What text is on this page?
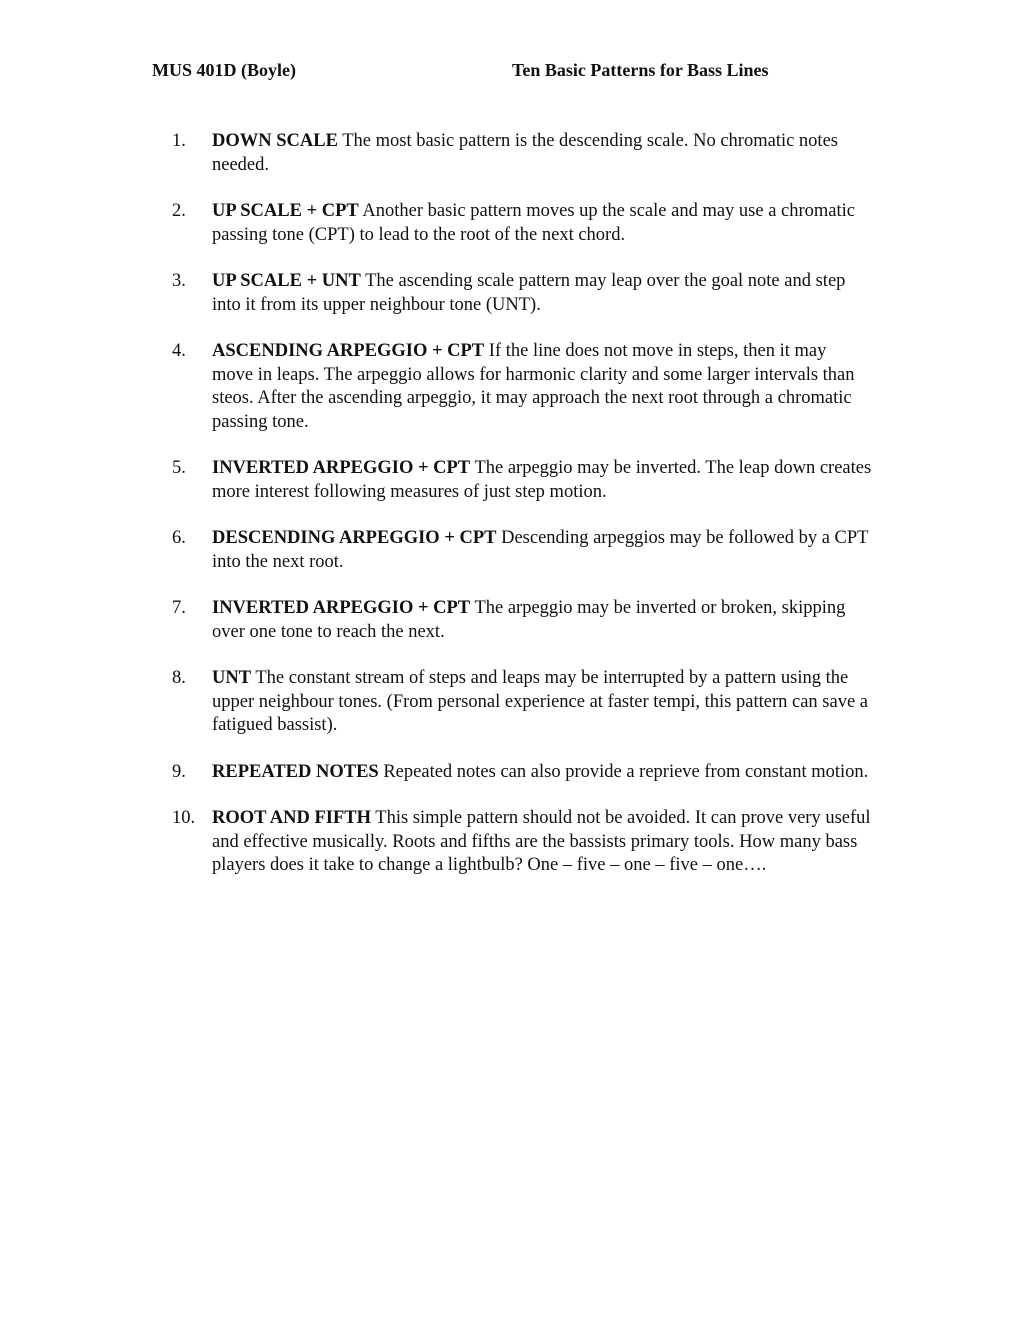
MUS 401D (Boyle)	Ten Basic Patterns for Bass Lines
1.	DOWN SCALE The most basic pattern is the descending scale. No chromatic notes needed.
2.	UP SCALE + CPT Another basic pattern moves up the scale and may use a chromatic passing tone (CPT) to lead to the root of the next chord.
3.	UP SCALE + UNT The ascending scale pattern may leap over the goal note and step into it from its upper neighbour tone (UNT).
4.	ASCENDING ARPEGGIO + CPT If the line does not move in steps, then it may move in leaps. The arpeggio allows for harmonic clarity and some larger intervals than steos. After the ascending arpeggio, it may approach the next root through a chromatic passing tone.
5.	INVERTED ARPEGGIO + CPT The arpeggio may be inverted. The leap down creates more interest following measures of just step motion.
6.	DESCENDING ARPEGGIO + CPT Descending arpeggios may be followed by a CPT into the next root.
7.	INVERTED ARPEGGIO + CPT The arpeggio may be inverted or broken, skipping over one tone to reach the next.
8.	UNT The constant stream of steps and leaps may be interrupted by a pattern using the upper neighbour tones. (From personal experience at faster tempi, this pattern can save a fatigued bassist).
9.	REPEATED NOTES Repeated notes can also provide a reprieve from constant motion.
10. ROOT AND FIFTH This simple pattern should not be avoided. It can prove very useful and effective musically. Roots and fifths are the bassists primary tools. How many bass players does it take to change a lightbulb? One – five – one – five – one….
